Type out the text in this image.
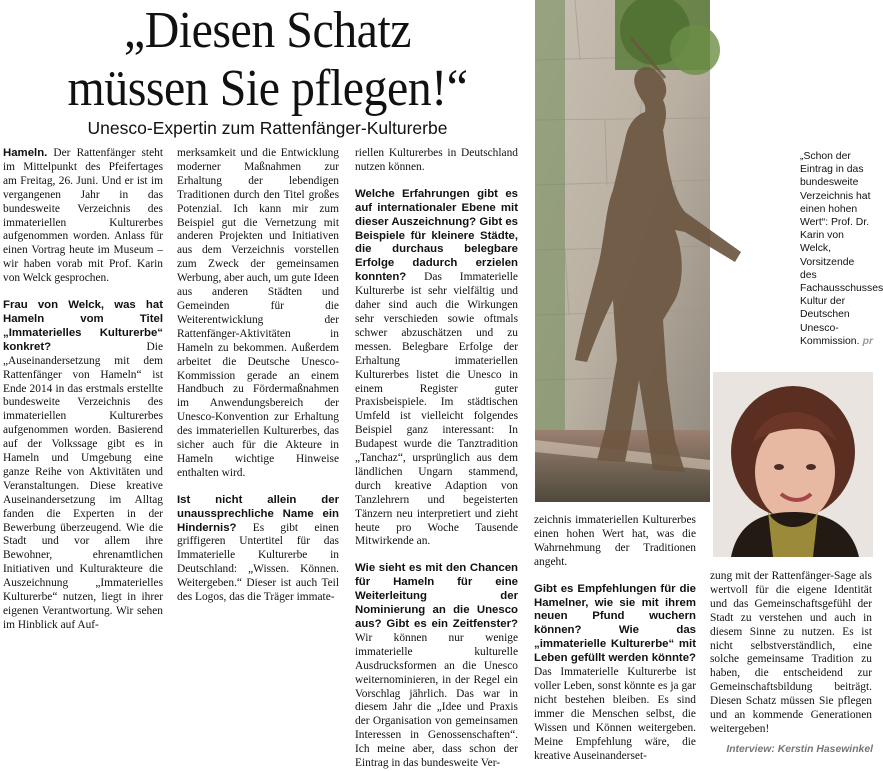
„Diesen Schatz
müssen Sie pflegen!“
Unesco-Expertin zum Rattenfänger-Kulturerbe

Hameln. Der Rattenfänger steht im Mittelpunkt des Pfeifertages am Freitag, 26. Juni. Und er ist im vergangenen Jahr in das bundesweite Verzeichnis des immateriellen Kulturerbes aufgenommen worden. Anlass für einen Vortrag heute im Museum – wir haben vorab mit Prof. Karin von Welck gesprochen.

Frau von Welck, was hat Hameln vom Titel „Immaterielles Kulturerbe“ konkret? Die „Auseinandersetzung mit dem Rattenfänger von Hameln“ ist Ende 2014 in das erstmals erstellte bundesweite Verzeichnis des immateriellen Kulturerbes aufgenommen worden. Basierend auf der Volkssage gibt es in Hameln und Umgebung eine ganze Reihe von Aktivitäten und Veranstaltungen. Diese kreative Auseinandersetzung im Alltag fanden die Experten in der Bewerbung überzeugend. Wie die Stadt und vor allem ihre Bewohner, ehrenamtlichen Initiativen und Kulturakteure die Auszeichnung „Immaterielles Kulturerbe“ nutzen, liegt in ihrer eigenen Verantwortung. Wir sehen im Hinblick auf Auf-

merksamkeit und die Entwicklung moderner Maßnahmen zur Erhaltung der lebendigen Traditionen durch den Titel großes Potenzial. Ich kann mir zum Beispiel gut die Vernetzung mit anderen Projekten und Initiativen aus dem Verzeichnis vorstellen zum Zweck der gemeinsamen Werbung, aber auch, um gute Ideen aus anderen Städten und Gemeinden für die Weiterentwicklung der Rattenfänger-Aktivitäten in Hameln zu bekommen. Außerdem arbeitet die Deutsche Unesco-Kommission gerade an einem Handbuch zu Fördermaßnahmen im Anwendungsbereich der Unesco-Konvention zur Erhaltung des immateriellen Kulturerbes, das sicher auch für die Akteure in Hameln wichtige Hinweise enthalten wird.

Ist nicht allein der unaussprechliche Name ein Hindernis? Es gibt einen griffigeren Untertitel für das Immaterielle Kulturerbe in Deutschland: „Wissen. Können. Weitergeben.“ Dieser ist auch Teil des Logos, das die Träger immate-

riellen Kulturerbes in Deutschland nutzen können.

Welche Erfahrungen gibt es auf internationaler Ebene mit dieser Auszeichnung? Gibt es Beispiele für kleinere Städte, die durchaus belegbare Erfolge dadurch erzielen konnten? Das Immaterielle Kulturerbe ist sehr vielfältig und daher sind auch die Wirkungen sehr verschieden sowie oftmals schwer abzuschätzen und zu messen. Belegbare Erfolge der Erhaltung immateriellen Kulturerbes listet die Unesco in einem Register guter Praxisbeispiele. Im städtischen Umfeld ist vielleicht folgendes Beispiel ganz interessant: In Budapest wurde die Tanztradition „Tanchaz“, ursprünglich aus dem ländlichen Ungarn stammend, durch kreative Adaption von Tanzlehrern und begeisterten Tänzern neu interpretiert und zieht heute pro Woche Tausende Mitwirkende an.

Wie sieht es mit den Chancen für Hameln für eine Weiterleitung der Nominierung an die Unesco aus? Gibt es ein Zeitfenster? Wir können nur wenige immaterielle kulturelle Ausdrucksformen an die Unesco weiternominieren, in der Regel ein Vorschlag jährlich. Das war in diesem Jahr die „Idee und Praxis der Organisation von gemeinsamen Interessen in Genossenschaften“. Ich meine aber, dass schon der Eintrag in das bundesweite Ver-

„Schon der Eintrag in das bundesweite Verzeichnis hat einen hohen Wert“: Prof. Dr. Karin von Welck, Vorsitzende des Fachausschusses Kultur der Deutschen Unesco-Kommission. pr

zeichnis immateriellen Kulturerbes einen hohen Wert hat, was die Wahrnehmung der Traditionen angeht.

Gibt es Empfehlungen für die Hamelner, wie sie mit ihrem neuen Pfund wuchern können? Wie das „immaterielle Kulturerbe“ mit Leben gefüllt werden könnte? Das Immaterielle Kulturerbe ist voller Leben, sonst könnte es ja gar nicht bestehen bleiben. Es sind immer die Menschen selbst, die Wissen und Können weitergeben. Meine Empfehlung wäre, die kreative Auseinanderset-

zung mit der Rattenfänger-Sage als wertvoll für die eigene Identität und das Gemeinschaftsgefühl der Stadt zu verstehen und auch in diesem Sinne zu nutzen. Es ist nicht selbstverständlich, eine solche gemeinsame Tradition zu haben, die entscheidend zur Gemeinschaftsbildung beiträgt. Diesen Schatz müssen Sie pflegen und an kommende Generationen weitergeben!

Interview: Kerstin Hasewinkel
